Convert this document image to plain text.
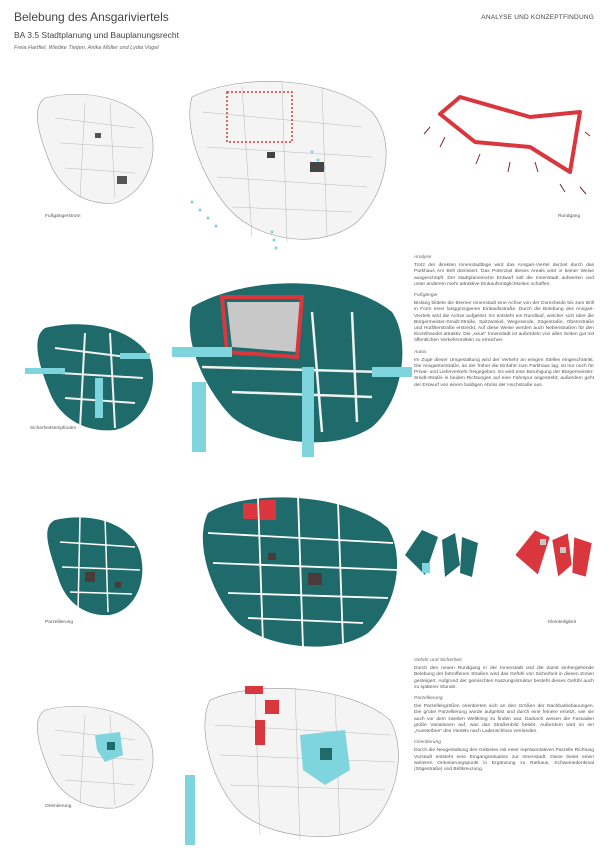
Belebung des Ansgariviertels
BA 3.5 Stadtplanung und Bauplanungsrecht
Freia Hartfiel, Wiebke Tietjen, Anika Müller und Lydia Vogel
ANALYSE UND KONZEPTFINDUNG
Fußgängerstrom	Rundgang
Analyse

Trotz der direkten Innenstadtlage wird das Ansgari-Viertel derzeit durch das Parkhaus Am Brill dominiert. Das Potenzial dieses Areals wird in keiner Weise ausgeschöpft. Der stadtplanerische Entwurf soll die Innenstadt aufwerten und unter anderem mehr attraktive Einkaufsmöglichkeiten schaffen.

Fußgänger

Bislang bildete die Bremer Innenstadt eine Achse von der Domsheide bis zum Brill in Form einer langgezogenen Einkaufsstraße. Durch die Belebung des Ansgari-Viertels wird die Achse aufgelöst. Es entsteht ein Rundlauf, welcher sich über die Bürgermeister-Smidt-Straße, Spitzwinkel, Wegesende, Sögestraße, Obernstraße und Hutfilterstraße erstreckt. Auf diese Weise werden auch Nebenstraßen für den Einzelhandel attraktiv. Die „neue“ Innenstadt ist außerdem von allen Seiten gut mit öffentlichen Verkehrsmitteln zu erreichen.

Autos

Im Zuge dieser Umgestaltung wird der Verkehr an einigen Stellen eingeschränkt. Die Ansgaritorstraße, an der früher die Einfahrt zum Parkhaus lag, ist nur noch für Privat- und Lieferverkehr freigegeben. Es wird eine Beruhigung der Bürgermeister-Smidt-Straße in beiden Richtungen auf eine Fahrspur angestrebt; außerdem geht der Entwurf von einem baldigen Abriss der Hochstraße aus.

Sicherheitsempfinden
Parzellierung	Kleinteiligkeit
Orientierung
Gefahr und Sicherheit

Durch den neuen Rundgang in der Innenstadt und die damit einhergehende Belebung der betroffenen Straßen wird das Gefühl von Sicherheit in diesen Zonen gesteigert. Aufgrund der gemischten Nutzungsstruktur besteht dieses Gefühl auch zu späterer Stunde.

Parzellierung

Die Parzellengrößen orientierten sich an den Größen der Nachbarbebauungen. Die grobe Parzellierung wurde aufgelöst und durch eine feinere ersetzt, wie sie auch vor dem zweiten Weltkrieg zu finden war. Dadurch weisen die Fassaden große Variationen auf, was das Straßenbild belebt. Außerdem wird so ein „Aussterben“ des Viertels nach Ladenschluss vermieden.

Orientierung

Durch die Neugestaltung des Gebietes mit einer repräsentativen Parzelle Richtung Vorstadt entsteht eine Eingangssituation zur Innenstadt. Diese bietet einen weiteren Orientierungspunkt in Ergänzung zu Rathaus, Schweinedenkmal (Sögestraße) und Brillkreuzung.
